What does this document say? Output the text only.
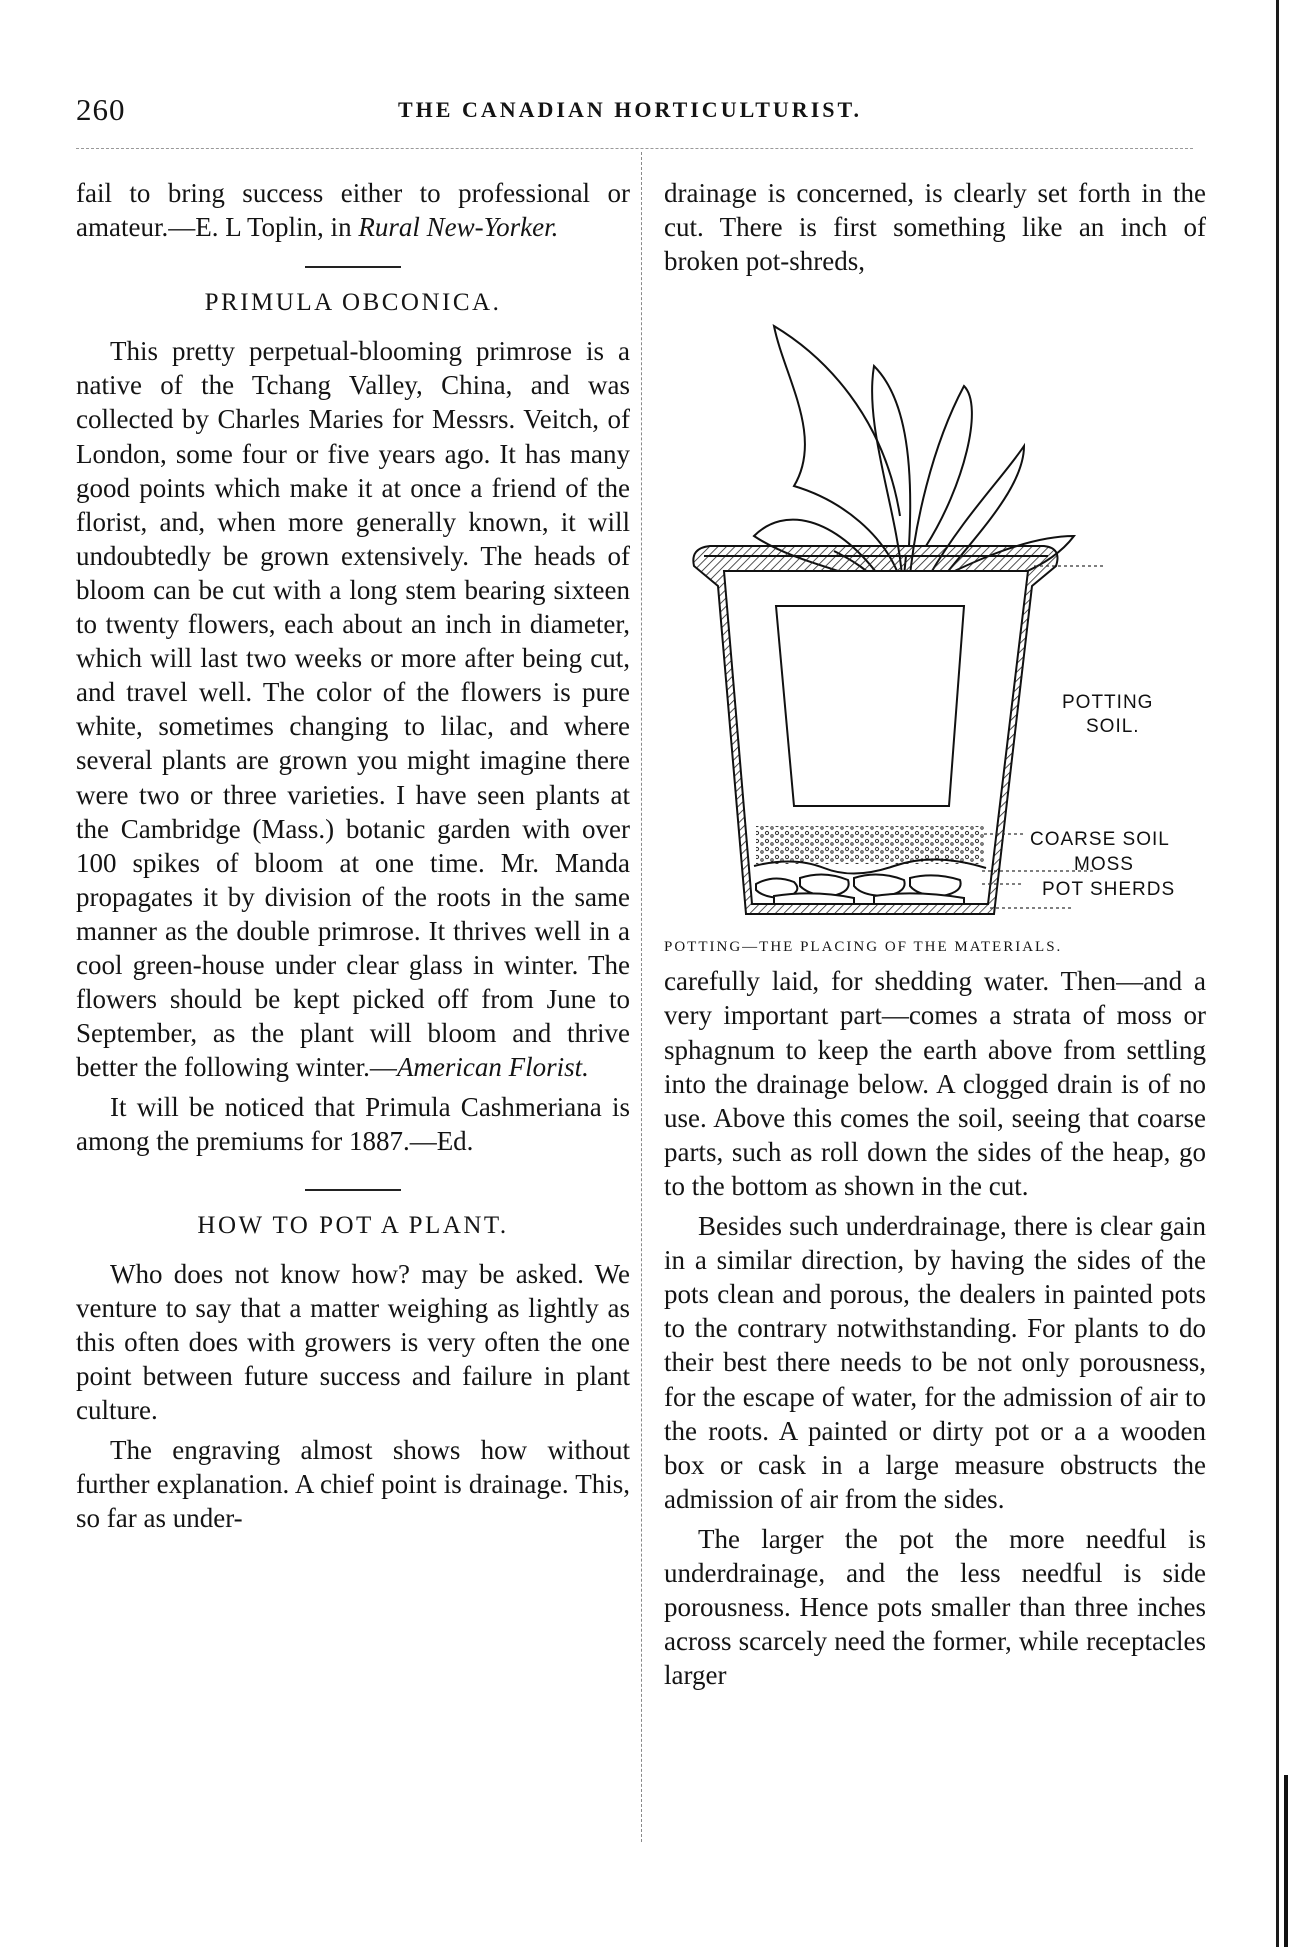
260	THE CANADIAN HORTICULTURIST.

fail to bring success either to professional or amateur.—E. L Toplin, in Rural New-Yorker.

PRIMULA OBCONICA.

This pretty perpetual-blooming primrose is a native of the Tchang Valley, China, and was collected by Charles Maries for Messrs. Veitch, of London, some four or five years ago. It has many good points which make it at once a friend of the florist, and, when more generally known, it will undoubtedly be grown extensively. The heads of bloom can be cut with a long stem bearing sixteen to twenty flowers, each about an inch in diameter, which will last two weeks or more after being cut, and travel well. The color of the flowers is pure white, sometimes changing to lilac, and where several plants are grown you might imagine there were two or three varieties. I have seen plants at the Cambridge (Mass.) botanic garden with over 100 spikes of bloom at one time. Mr. Manda propagates it by division of the roots in the same manner as the double primrose. It thrives well in a cool green-house under clear glass in winter. The flowers should be kept picked off from June to September, as the plant will bloom and thrive better the following winter.—American Florist.

It will be noticed that Primula Cashmeriana is among the premiums for 1887.—Ed.

HOW TO POT A PLANT.

Who does not know how? may be asked. We venture to say that a matter weighing as lightly as this often does with growers is very often the one point between future success and failure in plant culture.

The engraving almost shows how without further explanation. A chief point is drainage. This, so far as under-

drainage is concerned, is clearly set forth in the cut. There is first something like an inch of broken pot-shreds,

POTTING
SOIL.
COARSE SOIL
MOSS
POT SHERDS

POTTING—THE PLACING OF THE MATERIALS.

carefully laid, for shedding water. Then—and a very important part—comes a strata of moss or sphagnum to keep the earth above from settling into the drainage below. A clogged drain is of no use. Above this comes the soil, seeing that coarse parts, such as roll down the sides of the heap, go to the bottom as shown in the cut.

Besides such underdrainage, there is clear gain in a similar direction, by having the sides of the pots clean and porous, the dealers in painted pots to the contrary notwithstanding. For plants to do their best there needs to be not only porousness, for the escape of water, for the admission of air to the roots. A painted or dirty pot or a a wooden box or cask in a large measure obstructs the admission of air from the sides.

The larger the pot the more needful is underdrainage, and the less needful is side porousness. Hence pots smaller than three inches across scarcely need the former, while receptacles larger
